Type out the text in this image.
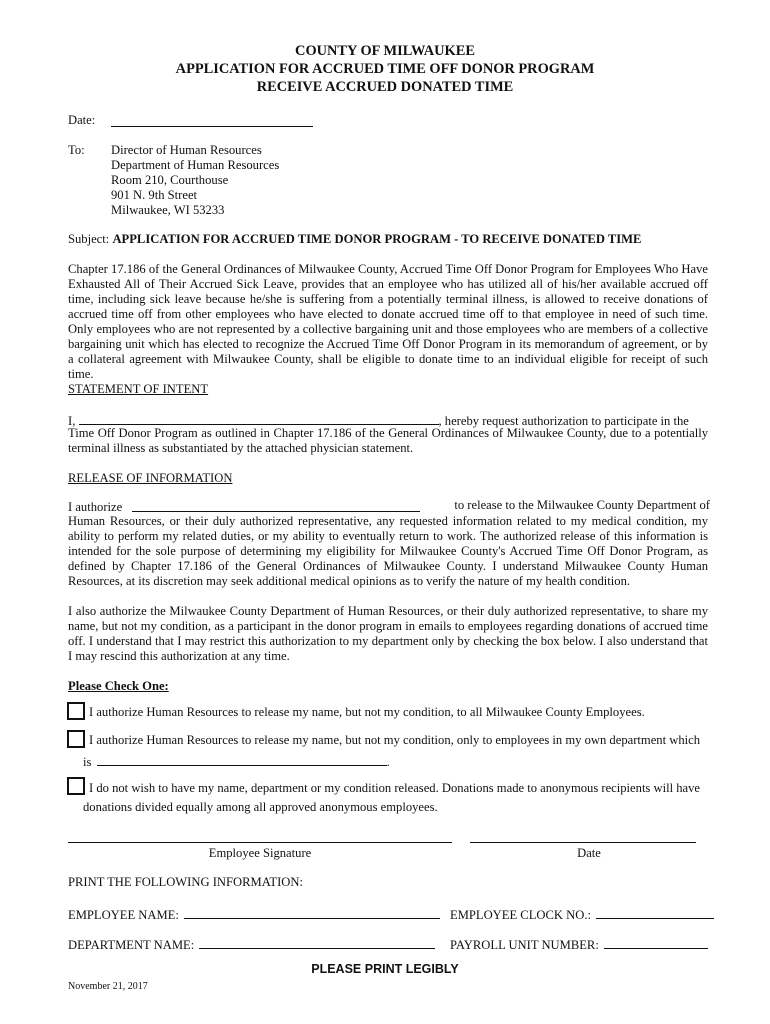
COUNTY OF MILWAUKEE
APPLICATION FOR ACCRUED TIME OFF DONOR PROGRAM
RECEIVE ACCRUED DONATED TIME
Date:
To: Director of Human Resources
Department of Human Resources
Room 210, Courthouse
901 N. 9th Street
Milwaukee, WI 53233
Subject: APPLICATION FOR ACCRUED TIME DONOR PROGRAM - TO RECEIVE DONATED TIME
Chapter 17.186 of the General Ordinances of Milwaukee County, Accrued Time Off Donor Program for Employees Who Have Exhausted All of Their Accrued Sick Leave, provides that an employee who has utilized all of his/her available accrued off time, including sick leave because he/she is suffering from a potentially terminal illness, is allowed to receive donations of accrued time off from other employees who have elected to donate accrued time off to that employee in need of such time. Only employees who are not represented by a collective bargaining unit and those employees who are members of a collective bargaining unit which has elected to recognize the Accrued Time Off Donor Program in its memorandum of agreement, or by a collateral agreement with Milwaukee County, shall be eligible to donate time to an individual eligible for receipt of such time.
STATEMENT OF INTENT
I,	, hereby request authorization to participate in the
Time Off Donor Program as outlined in Chapter 17.186 of the General Ordinances of Milwaukee County, due to a potentially terminal illness as substantiated by the attached physician statement.
RELEASE OF INFORMATION
I authorize	to release to the Milwaukee County Department of
Human Resources, or their duly authorized representative, any requested information related to my medical condition, my ability to perform my related duties, or my ability to eventually return to work. The authorized release of this information is intended for the sole purpose of determining my eligibility for Milwaukee County's Accrued Time Off Donor Program, as defined by Chapter 17.186 of the General Ordinances of Milwaukee County. I understand Milwaukee County Human Resources, at its discretion may seek additional medical opinions as to verify the nature of my health condition.
I also authorize the Milwaukee County Department of Human Resources, or their duly authorized representative, to share my name, but not my condition, as a participant in the donor program in emails to employees regarding donations of accrued time off. I understand that I may restrict this authorization to my department only by checking the box below. I also understand that I may rescind this authorization at any time.
Please Check One:
I authorize Human Resources to release my name, but not my condition, to all Milwaukee County Employees.
I authorize Human Resources to release my name, but not my condition, only to employees in my own department which
is	.
I do not wish to have my name, department or my condition released. Donations made to anonymous recipients will have
donations divided equally among all approved anonymous employees.
Employee Signature	Date
PRINT THE FOLLOWING INFORMATION:
EMPLOYEE NAME:	EMPLOYEE CLOCK NO.:
DEPARTMENT NAME:	PAYROLL UNIT NUMBER:
PLEASE PRINT LEGIBLY
November 21, 2017
